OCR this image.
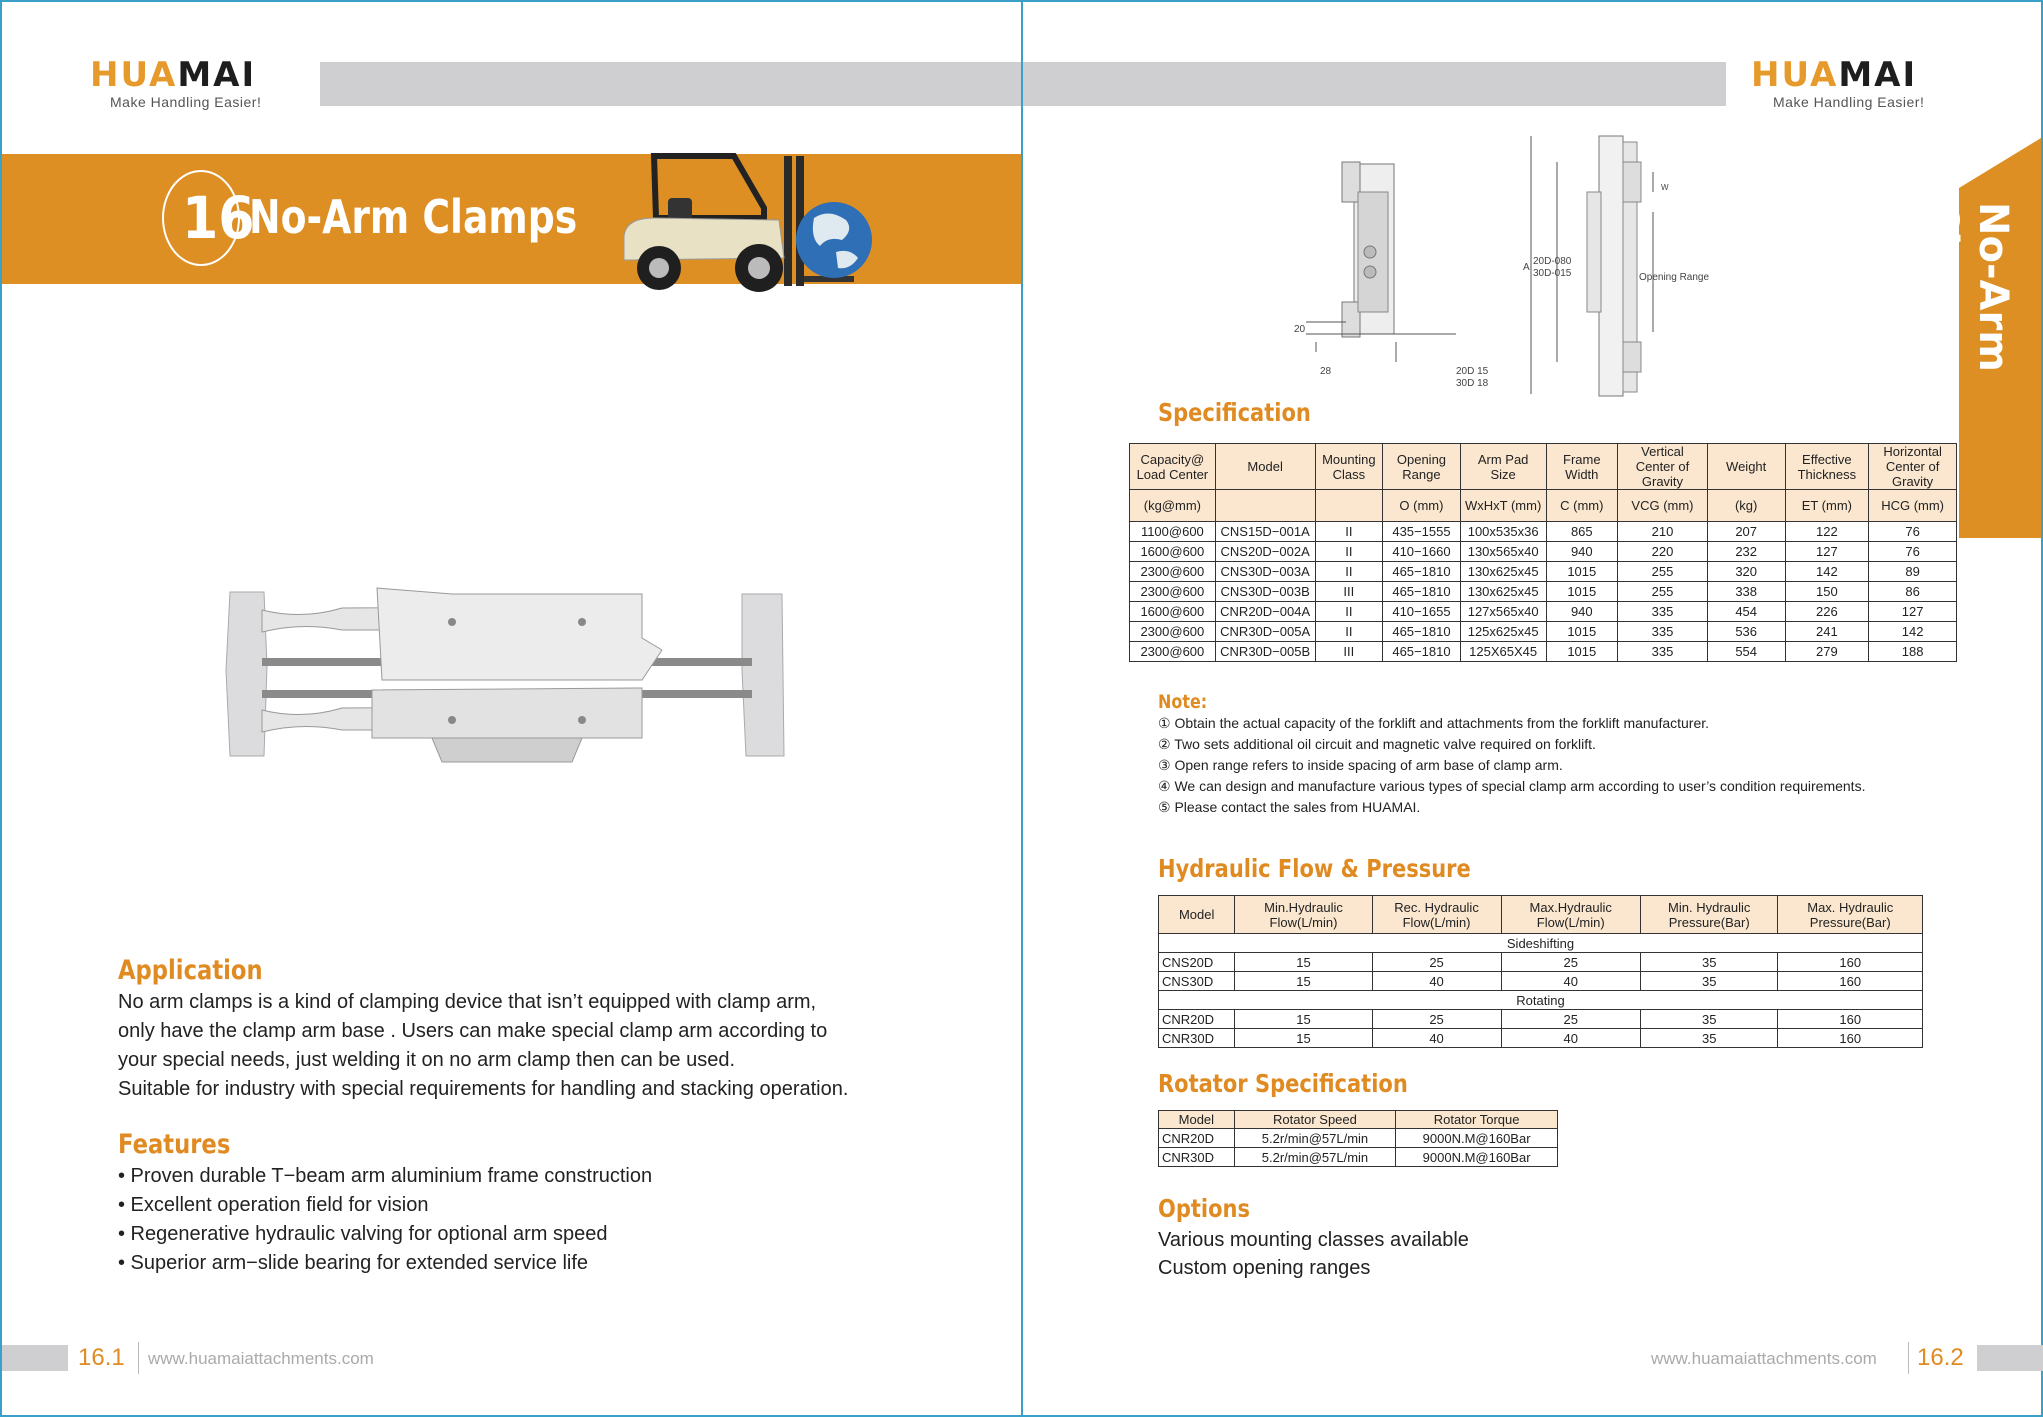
HUAMAI
Make Handling Easier!
16
No-Arm Clamps
Application
No arm clamps is a kind of clamping device that isn’t equipped with clamp arm,
only have the clamp arm base . Users can make special clamp arm according to
your special needs, just welding it on no arm clamp then can be used.
Suitable for industry with special requirements for handling and stacking operation.
Features
• Proven durable T−beam arm aluminium frame construction
• Excellent operation field for vision
• Regenerative hydraulic valving for optional arm speed
• Superior arm−slide bearing for extended service life
16.1 www.huamaiattachments.com
HUAMAI
Make Handling Easier!
No-Arm Clamps
20
28	20D 15
30D 18
A
20D-080
30D-015	Opening Range
W
Specification
Capacity@ Load Center	Model	Mounting Class	Opening Range	Arm Pad Size	Frame Width	Vertical Center of Gravity	Weight	Effective Thickness	Horizontal Center of Gravity
(kg@mm)			O (mm)	WxHxT (mm)	C (mm)	VCG (mm)	(kg)	ET (mm)	HCG (mm)
1100@600	CNS15D−001A	II	435−1555	100x535x36	865	210	207	122	76
1600@600	CNS20D−002A	II	410−1660	130x565x40	940	220	232	127	76
2300@600	CNS30D−003A	II	465−1810	130x625x45	1015	255	320	142	89
2300@600	CNS30D−003B	III	465−1810	130x625x45	1015	255	338	150	86
1600@600	CNR20D−004A	II	410−1655	127x565x40	940	335	454	226	127
2300@600	CNR30D−005A	II	465−1810	125x625x45	1015	335	536	241	142
2300@600	CNR30D−005B	III	465−1810	125X65X45	1015	335	554	279	188
Note:
① Obtain the actual capacity of the forklift and attachments from the forklift manufacturer.
② Two sets additional oil circuit and magnetic valve required on forklift.
③ Open range refers to inside spacing of arm base of clamp arm.
④ We can design and manufacture various types of special clamp arm according to user’s condition requirements.
⑤ Please contact the sales from HUAMAI.
Hydraulic Flow & Pressure
Model	Min.Hydraulic Flow(L/min)	Rec. Hydraulic Flow(L/min)	Max.Hydraulic Flow(L/min)	Min. Hydraulic Pressure(Bar)	Max. Hydraulic Pressure(Bar)
Sideshifting					
CNS20D	15	25	25	35	160
CNS30D	15	40	40	35	160
Rotating					
CNR20D	15	25	25	35	160
CNR30D	15	40	40	35	160
Rotator Specification
Model	Rotator Speed	Rotator Torque
CNR20D	5.2r/min@57L/min	9000N.M@160Bar
CNR30D	5.2r/min@57L/min	9000N.M@160Bar
Options
Various mounting classes available
Custom opening ranges
www.huamaiattachments.com 16.2
